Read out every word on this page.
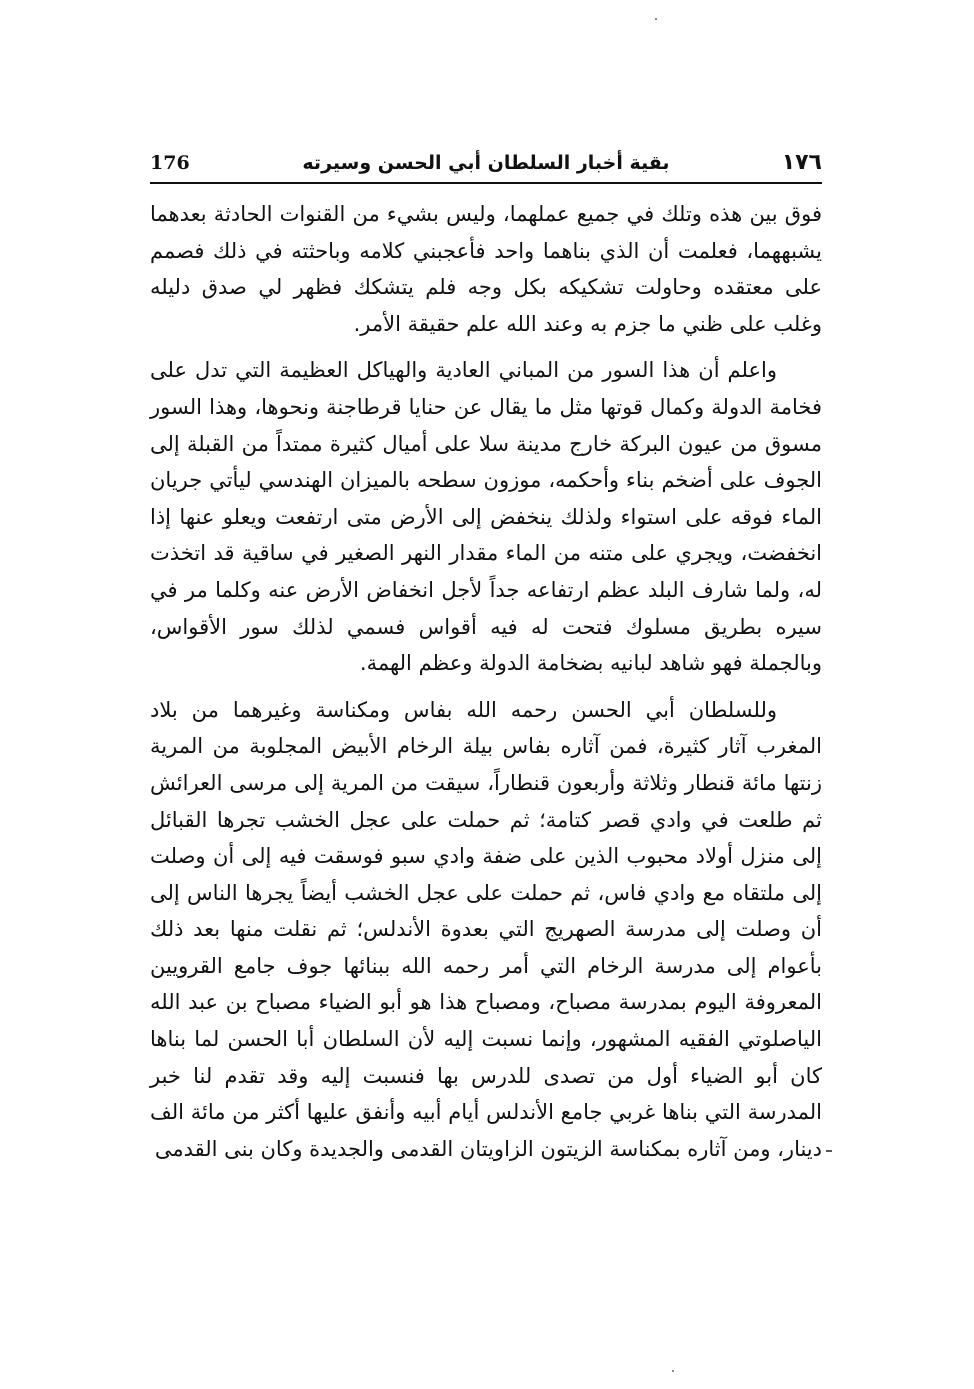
176	بقية أخبار السلطان أبي الحسن وسيرته	١٧٦

فوق بين هذه وتلك في جميع عملهما، وليس بشيء من القنوات الحادثة بعدهما يشبههما، فعلمت أن الذي بناهما واحد فأعجبني كلامه وباحثته في ذلك فصمم على معتقده وحاولت تشكيكه بكل وجه فلم يتشكك فظهر لي صدق دليله وغلب على ظني ما جزم به وعند الله علم حقيقة الأمر.

واعلم أن هذا السور من المباني العادية والهياكل العظيمة التي تدل على فخامة الدولة وكمال قوتها مثل ما يقال عن حنايا قرطاجنة ونحوها، وهذا السور مسوق من عيون البركة خارج مدينة سلا على أميال كثيرة ممتداً من القبلة إلى الجوف على أضخم بناء وأحكمه، موزون سطحه بالميزان الهندسي ليأتي جريان الماء فوقه على استواء ولذلك ينخفض إلى الأرض متى ارتفعت ويعلو عنها إذا انخفضت، ويجري على متنه من الماء مقدار النهر الصغير في ساقية قد اتخذت له، ولما شارف البلد عظم ارتفاعه جداً لأجل انخفاض الأرض عنه وكلما مر في سيره بطريق مسلوك فتحت له فيه أقواس فسمي لذلك سور الأقواس، وبالجملة فهو شاهد لبانيه بضخامة الدولة وعظم الهمة.

وللسلطان أبي الحسن رحمه الله بفاس ومكناسة وغيرهما من بلاد المغرب آثار كثيرة، فمن آثاره بفاس بيلة الرخام الأبيض المجلوبة من المرية زنتها مائة قنطار وثلاثة وأربعون قنطاراً، سيقت من المرية إلى مرسى العرائش ثم طلعت في وادي قصر كتامة؛ ثم حملت على عجل الخشب تجرها القبائل إلى منزل أولاد محبوب الذين على ضفة وادي سبو فوسقت فيه إلى أن وصلت إلى ملتقاه مع وادي فاس، ثم حملت على عجل الخشب أيضاً يجرها الناس إلى أن وصلت إلى مدرسة الصهريج التي بعدوة الأندلس؛ ثم نقلت منها بعد ذلك بأعوام إلى مدرسة الرخام التي أمر رحمه الله ببنائها جوف جامع القرويين المعروفة اليوم بمدرسة مصباح، ومصباح هذا هو أبو الضياء مصباح بن عبد الله الياصلوتي الفقيه المشهور، وإنما نسبت إليه لأن السلطان أبا الحسن لما بناها كان أبو الضياء أول من تصدى للدرس بها فنسبت إليه وقد تقدم لنا خبر المدرسة التي بناها غربي جامع الأندلس أيام أبيه وأنفق عليها أكثر من مائة الف دينار، ومن آثاره بمكناسة الزيتون الزاويتان القدمى والجديدة وكان بنى القدمى
